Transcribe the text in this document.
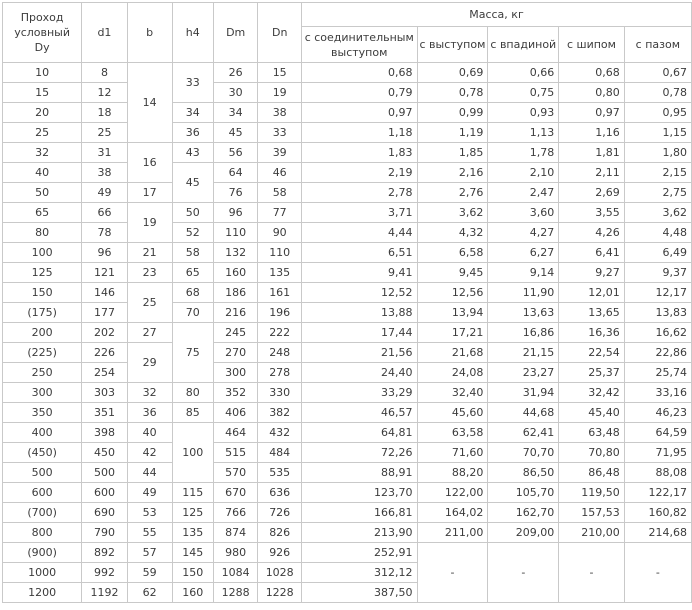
Проход условный Dy	d1	b	h4	Dm	Dn	Масса, кг				
						с соединительным выступом	с выступом	с впадиной	с шипом	с пазом
10	8	14	33	26	15	0,68	0,69	0,66	0,68	0,67
15	12			30	19	0,79	0,78	0,75	0,80	0,78
20	18		34	34	38	0,97	0,99	0,93	0,97	0,95
25	25		36	45	33	1,18	1,19	1,13	1,16	1,15
32	31	16	43	56	39	1,83	1,85	1,78	1,81	1,80
40	38		45	64	46	2,19	2,16	2,10	2,11	2,15
50	49	17		76	58	2,78	2,76	2,47	2,69	2,75
65	66	19	50	96	77	3,71	3,62	3,60	3,55	3,62
80	78		52	110	90	4,44	4,32	4,27	4,26	4,48
100	96	21	58	132	110	6,51	6,58	6,27	6,41	6,49
125	121	23	65	160	135	9,41	9,45	9,14	9,27	9,37
150	146	25	68	186	161	12,52	12,56	11,90	12,01	12,17
(175)	177		70	216	196	13,88	13,94	13,63	13,65	13,83
200	202	27	75	245	222	17,44	17,21	16,86	16,36	16,62
(225)	226	29		270	248	21,56	21,68	21,15	22,54	22,86
250	254			300	278	24,40	24,08	23,27	25,37	25,74
300	303	32	80	352	330	33,29	32,40	31,94	32,42	33,16
350	351	36	85	406	382	46,57	45,60	44,68	45,40	46,23
400	398	40	100	464	432	64,81	63,58	62,41	63,48	64,59
(450)	450	42		515	484	72,26	71,60	70,70	70,80	71,95
500	500	44		570	535	88,91	88,20	86,50	86,48	88,08
600	600	49	115	670	636	123,70	122,00	105,70	119,50	122,17
(700)	690	53	125	766	726	166,81	164,02	162,70	157,53	160,82
800	790	55	135	874	826	213,90	211,00	209,00	210,00	214,68
(900)	892	57	145	980	926	252,91	-	-	-	-
1000	992	59	150	1084	1028	312,12				
1200	1192	62	160	1288	1228	387,50				
